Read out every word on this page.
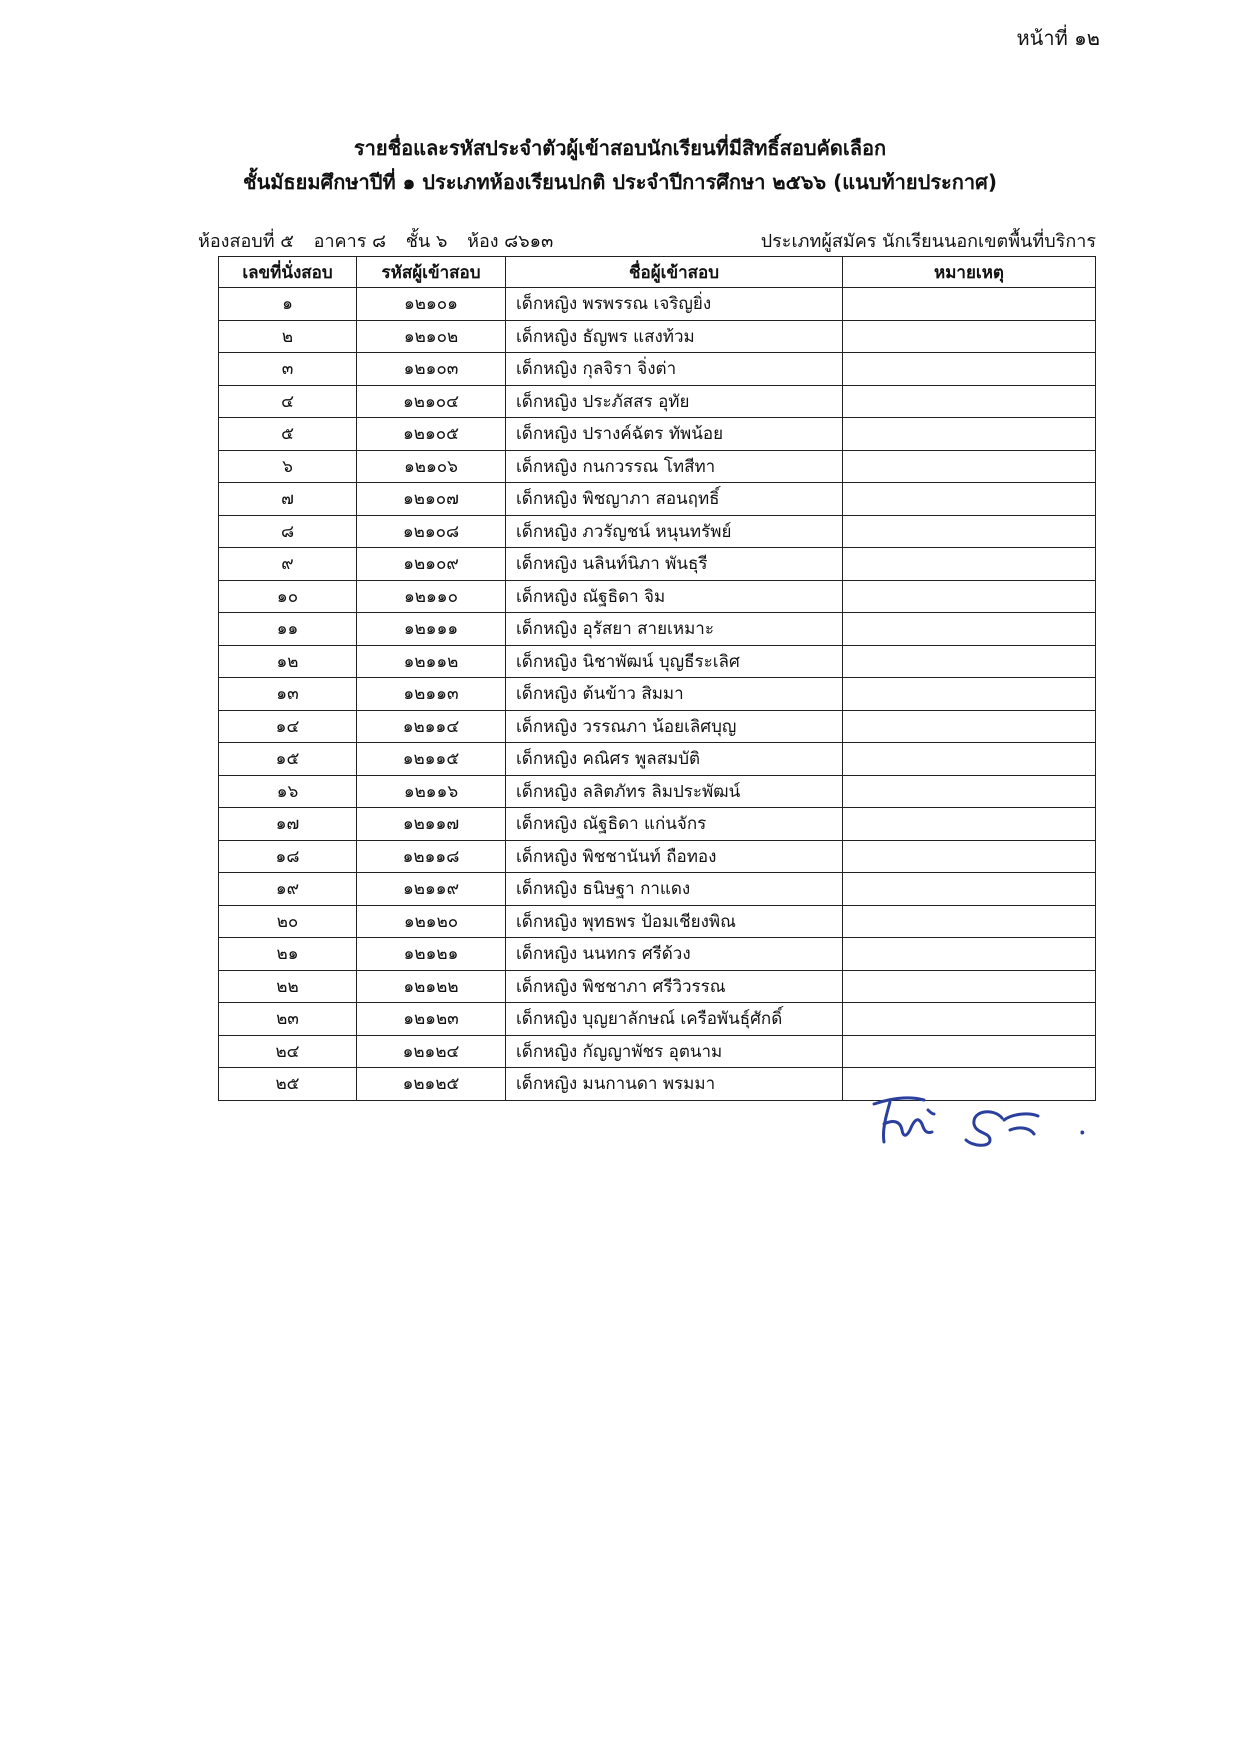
หน้าที่ ๑๒
รายชื่อและรหัสประจำตัวผู้เข้าสอบนักเรียนที่มีสิทธิ์สอบคัดเลือก
ชั้นมัธยมศึกษาปีที่ ๑ ประเภทห้องเรียนปกติ ประจำปีการศึกษา ๒๕๖๖ (แนบท้ายประกาศ)
ห้องสอบที่ ๕ อาคาร ๘ ชั้น ๖ ห้อง ๘๖๑๓	ประเภทผู้สมัคร นักเรียนนอกเขตพื้นที่บริการ
เลขที่นั่งสอบ	รหัสผู้เข้าสอบ	ชื่อผู้เข้าสอบ	หมายเหตุ
๑	๑๒๑๐๑	เด็กหญิง พรพรรณ เจริญยิ่ง	
๒	๑๒๑๐๒	เด็กหญิง ธัญพร แสงท้วม	
๓	๑๒๑๐๓	เด็กหญิง กุลจิรา จิ่งต่า	
๔	๑๒๑๐๔	เด็กหญิง ประภัสสร อุทัย	
๕	๑๒๑๐๕	เด็กหญิง ปรางค์ฉัตร ทัพน้อย	
๖	๑๒๑๐๖	เด็กหญิง กนกวรรณ โทสีทา	
๗	๑๒๑๐๗	เด็กหญิง พิชญาภา สอนฤทธิ์	
๘	๑๒๑๐๘	เด็กหญิง ภวรัญชน์ หนุนทรัพย์	
๙	๑๒๑๐๙	เด็กหญิง นลินท์นิภา พันธุรี	
๑๐	๑๒๑๑๐	เด็กหญิง ณัฐธิดา จิม	
๑๑	๑๒๑๑๑	เด็กหญิง อุรัสยา สายเหมาะ	
๑๒	๑๒๑๑๒	เด็กหญิง นิชาพัฒน์ บุญธีระเลิศ	
๑๓	๑๒๑๑๓	เด็กหญิง ต้นข้าว สิมมา	
๑๔	๑๒๑๑๔	เด็กหญิง วรรณภา น้อยเลิศบุญ	
๑๕	๑๒๑๑๕	เด็กหญิง คณิศร พูลสมบัติ	
๑๖	๑๒๑๑๖	เด็กหญิง ลลิตภัทร ลิมประพัฒน์	
๑๗	๑๒๑๑๗	เด็กหญิง ณัฐธิดา แก่นจักร	
๑๘	๑๒๑๑๘	เด็กหญิง พิชชานันท์ ถือทอง	
๑๙	๑๒๑๑๙	เด็กหญิง ธนิษฐา กาแดง	
๒๐	๑๒๑๒๐	เด็กหญิง พุทธพร ป้อมเชียงพิณ	
๒๑	๑๒๑๒๑	เด็กหญิง นนทกร ศรีด้วง	
๒๒	๑๒๑๒๒	เด็กหญิง พิชชาภา ศรีวิวรรณ	
๒๓	๑๒๑๒๓	เด็กหญิง บุญยาลักษณ์ เครือพันธุ์ศักดิ์	
๒๔	๑๒๑๒๔	เด็กหญิง กัญญาพัชร อุตนาม	
๒๕	๑๒๑๒๕	เด็กหญิง มนกานดา พรมมา	
